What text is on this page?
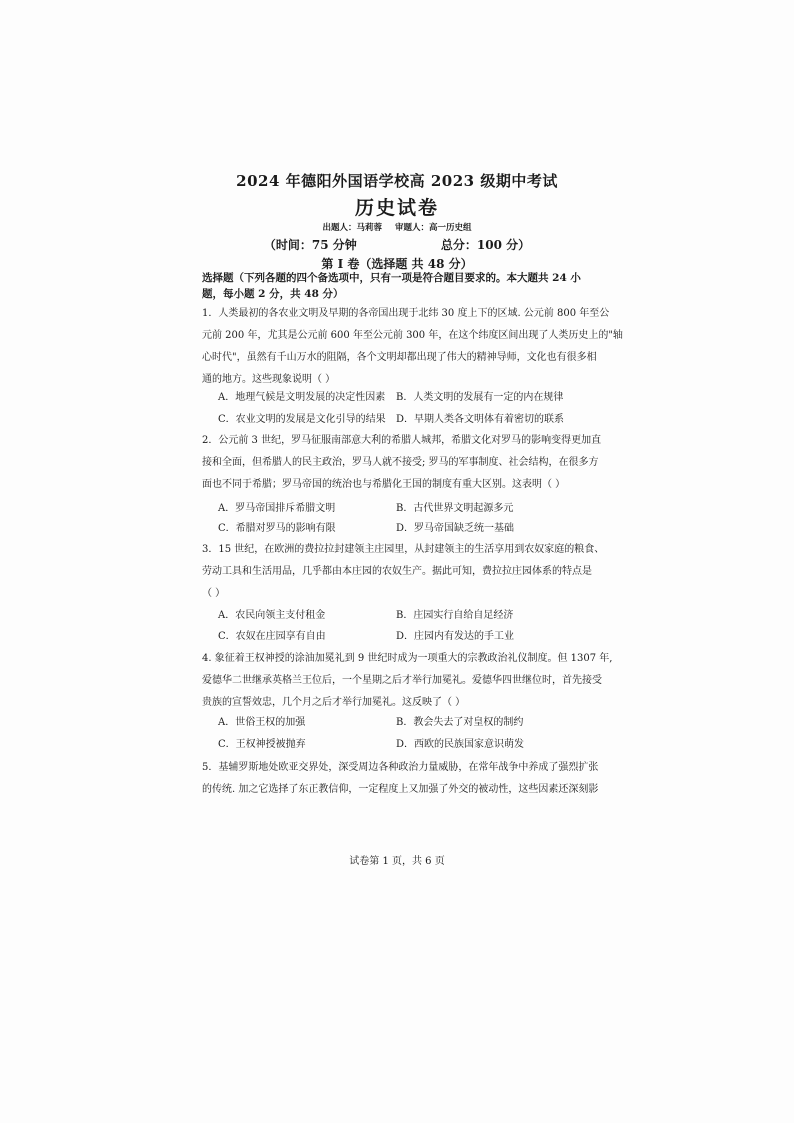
2024 年德阳外国语学校高 2023 级期中考试
历史试卷
出题人：马莉蓉 审题人：高一历史组
（时间：75 分钟	总分：100 分）
第 I 卷（选择题 共 48 分）
选择题（下列各题的四个备选项中，只有一项是符合题目要求的。本大题共 24 小题，每小题 2 分，共 48 分）
1．人类最初的各农业文明及早期的各帝国出现于北纬 30 度上下的区域. 公元前 800 年至公
元前 200 年，尤其是公元前 600 年至公元前 300 年，在这个纬度区间出现了人类历史上的"轴
心时代"，虽然有千山万水的阻隔，各个文明却都出现了伟大的精神导师，文化也有很多相
通的地方。这些现象说明（ ）
A．地理气候是文明发展的决定性因素	B．人类文明的发展有一定的内在规律
C．农业文明的发展是文化引导的结果	D．早期人类各文明体有着密切的联系
2．公元前 3 世纪，罗马征服南部意大利的希腊人城邦，希腊文化对罗马的影响变得更加直
接和全面，但希腊人的民主政治，罗马人就不接受; 罗马的军事制度、社会结构，在很多方
面也不同于希腊；罗马帝国的统治也与希腊化王国的制度有重大区别。这表明（ ）
A．罗马帝国排斥希腊文明	B．古代世界文明起源多元
C．希腊对罗马的影响有限	D．罗马帝国缺乏统一基础
3．15 世纪，在欧洲的费拉拉封建领主庄园里，从封建领主的生活享用到农奴家庭的粮食、
劳动工具和生活用品，几乎都由本庄园的农奴生产。据此可知，费拉拉庄园体系的特点是
（ ）
A．农民向领主支付租金	B．庄园实行自给自足经济
C．农奴在庄园享有自由	D．庄园内有发达的手工业
4. 象征着王权神授的涂油加冕礼到 9 世纪时成为一项重大的宗教政治礼仪制度。但 1307 年,
爱德华二世继承英格兰王位后，一个星期之后才举行加冕礼。爱德华四世继位时，首先接受
贵族的宣誓效忠，几个月之后才举行加冕礼。这反映了（ ）
A．世俗王权的加强	B．教会失去了对皇权的制约
C．王权神授被抛弃	D．西欧的民族国家意识萌发
5．基辅罗斯地处欧亚交界处，深受周边各种政治力量威胁，在常年战争中养成了强烈扩张
的传统. 加之它选择了东正教信仰，一定程度上又加强了外交的被动性，这些因素还深刻影
试卷第 1 页，共 6 页
